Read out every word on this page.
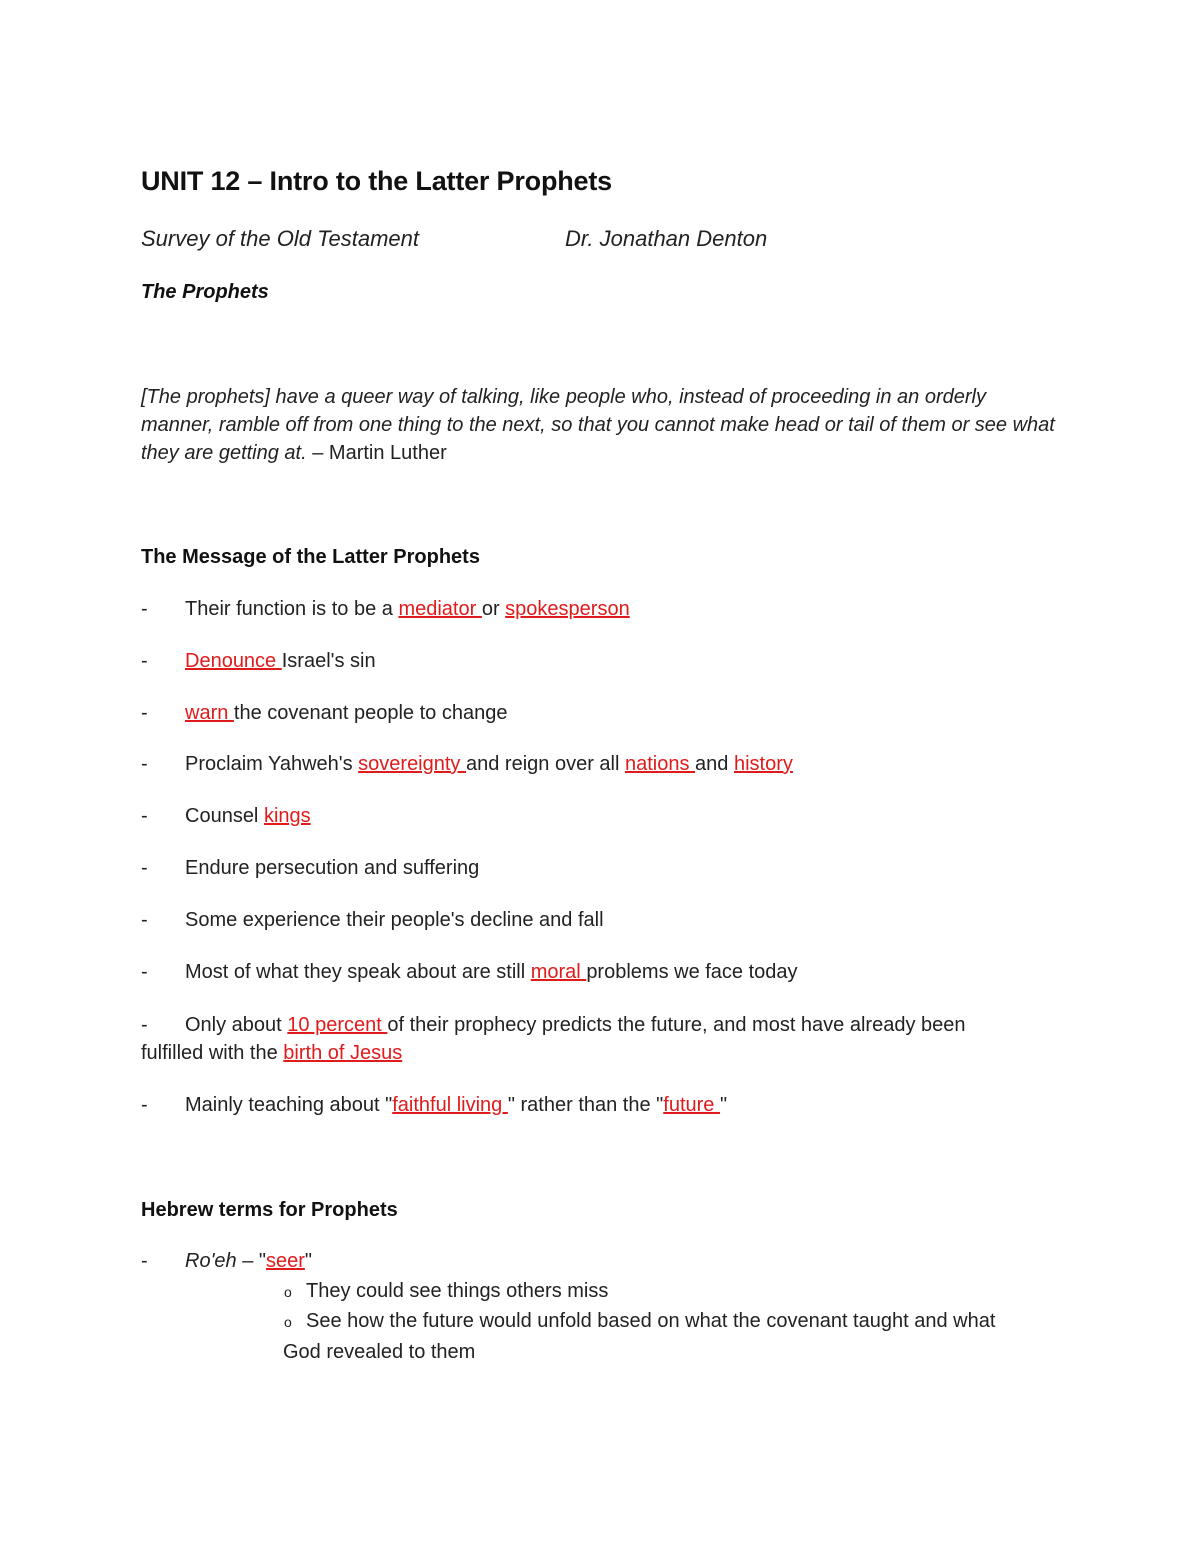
UNIT 12 – Intro to the Latter Prophets
Survey of the Old Testament	Dr. Jonathan Denton
The Prophets
[The prophets] have a queer way of talking, like people who, instead of proceeding in an orderly manner, ramble off from one thing to the next, so that you cannot make head or tail of them or see what they are getting at. – Martin Luther
The Message of the Latter Prophets
- Their function is to be a mediator or spokesperson
- Denounce Israel's sin
- warn the covenant people to change
- Proclaim Yahweh's sovereignty and reign over all nations and history
- Counsel kings
- Endure persecution and suffering
- Some experience their people's decline and fall
- Most of what they speak about are still moral problems we face today
- Only about 10 percent of their prophecy predicts the future, and most have already been
fulfilled with the birth of Jesus
- Mainly teaching about "faithful living " rather than the "future "
Hebrew terms for Prophets
- Ro'eh – "seer"
o They could see things others miss
o See how the future would unfold based on what the covenant taught and what
God revealed to them
